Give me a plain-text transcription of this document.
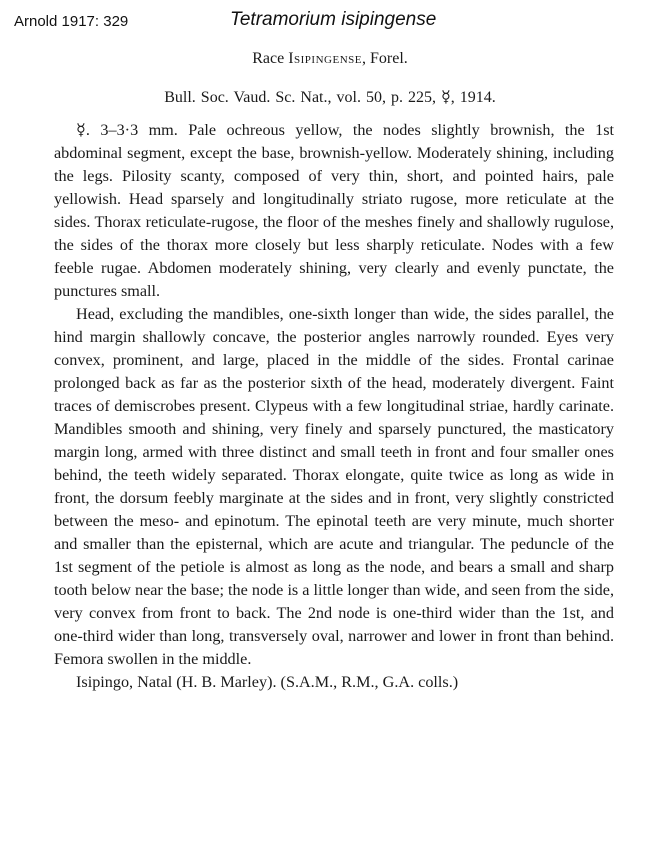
Arnold 1917: 329	Tetramorium isipingense
Race Isipingense, Forel.
Bull. Soc. Vaud. Sc. Nat., vol. 50, p. 225, ☿, 1914.

☿. 3–3·3 mm. Pale ochreous yellow, the nodes slightly brownish, the 1st abdominal segment, except the base, brownish-yellow. Moderately shining, including the legs. Pilosity scanty, composed of very thin, short, and pointed hairs, pale yellowish. Head sparsely and longitudinally striato rugose, more reticulate at the sides. Thorax reticulate-rugose, the floor of the meshes finely and shallowly rugulose, the sides of the thorax more closely but less sharply reticulate. Nodes with a few feeble rugae. Abdomen moderately shining, very clearly and evenly punctate, the punctures small.

Head, excluding the mandibles, one-sixth longer than wide, the sides parallel, the hind margin shallowly concave, the posterior angles narrowly rounded. Eyes very convex, prominent, and large, placed in the middle of the sides. Frontal carinae prolonged back as far as the posterior sixth of the head, moderately divergent. Faint traces of demiscrobes present. Clypeus with a few longitudinal striae, hardly carinate. Mandibles smooth and shining, very finely and sparsely punctured, the masticatory margin long, armed with three distinct and small teeth in front and four smaller ones behind, the teeth widely separated. Thorax elongate, quite twice as long as wide in front, the dorsum feebly marginate at the sides and in front, very slightly constricted between the meso- and epinotum. The epinotal teeth are very minute, much shorter and smaller than the episternal, which are acute and triangular. The peduncle of the 1st segment of the petiole is almost as long as the node, and bears a small and sharp tooth below near the base; the node is a little longer than wide, and seen from the side, very convex from front to back. The 2nd node is one-third wider than the 1st, and one-third wider than long, transversely oval, narrower and lower in front than behind. Femora swollen in the middle.

Isipingo, Natal (H. B. Marley). (S.A.M., R.M., G.A. colls.)
